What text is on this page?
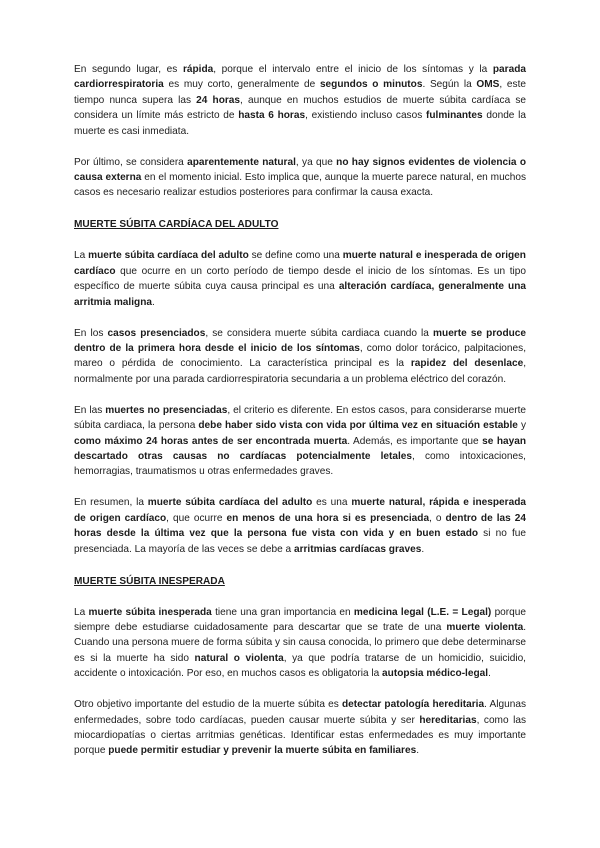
En segundo lugar, es rápida, porque el intervalo entre el inicio de los síntomas y la parada cardiorrespiratoria es muy corto, generalmente de segundos o minutos. Según la OMS, este tiempo nunca supera las 24 horas, aunque en muchos estudios de muerte súbita cardíaca se considera un límite más estricto de hasta 6 horas, existiendo incluso casos fulminantes donde la muerte es casi inmediata.

Por último, se considera aparentemente natural, ya que no hay signos evidentes de violencia o causa externa en el momento inicial. Esto implica que, aunque la muerte parece natural, en muchos casos es necesario realizar estudios posteriores para confirmar la causa exacta.

MUERTE SÚBITA CARDÍACA DEL ADULTO

La muerte súbita cardíaca del adulto se define como una muerte natural e inesperada de origen cardíaco que ocurre en un corto período de tiempo desde el inicio de los síntomas. Es un tipo específico de muerte súbita cuya causa principal es una alteración cardíaca, generalmente una arritmia maligna.

En los casos presenciados, se considera muerte súbita cardiaca cuando la muerte se produce dentro de la primera hora desde el inicio de los síntomas, como dolor torácico, palpitaciones, mareo o pérdida de conocimiento. La característica principal es la rapidez del desenlace, normalmente por una parada cardiorrespiratoria secundaria a un problema eléctrico del corazón.

En las muertes no presenciadas, el criterio es diferente. En estos casos, para considerarse muerte súbita cardiaca, la persona debe haber sido vista con vida por última vez en situación estable y como máximo 24 horas antes de ser encontrada muerta. Además, es importante que se hayan descartado otras causas no cardíacas potencialmente letales, como intoxicaciones, hemorragias, traumatismos u otras enfermedades graves.

En resumen, la muerte súbita cardíaca del adulto es una muerte natural, rápida e inesperada de origen cardíaco, que ocurre en menos de una hora si es presenciada, o dentro de las 24 horas desde la última vez que la persona fue vista con vida y en buen estado si no fue presenciada. La mayoría de las veces se debe a arritmias cardíacas graves.

MUERTE SÚBITA INESPERADA

La muerte súbita inesperada tiene una gran importancia en medicina legal (L.E. = Legal) porque siempre debe estudiarse cuidadosamente para descartar que se trate de una muerte violenta. Cuando una persona muere de forma súbita y sin causa conocida, lo primero que debe determinarse es si la muerte ha sido natural o violenta, ya que podría tratarse de un homicidio, suicidio, accidente o intoxicación. Por eso, en muchos casos es obligatoria la autopsia médico-legal.

Otro objetivo importante del estudio de la muerte súbita es detectar patología hereditaria. Algunas enfermedades, sobre todo cardíacas, pueden causar muerte súbita y ser hereditarias, como las miocardiopatías o ciertas arritmias genéticas. Identificar estas enfermedades es muy importante porque puede permitir estudiar y prevenir la muerte súbita en familiares.
